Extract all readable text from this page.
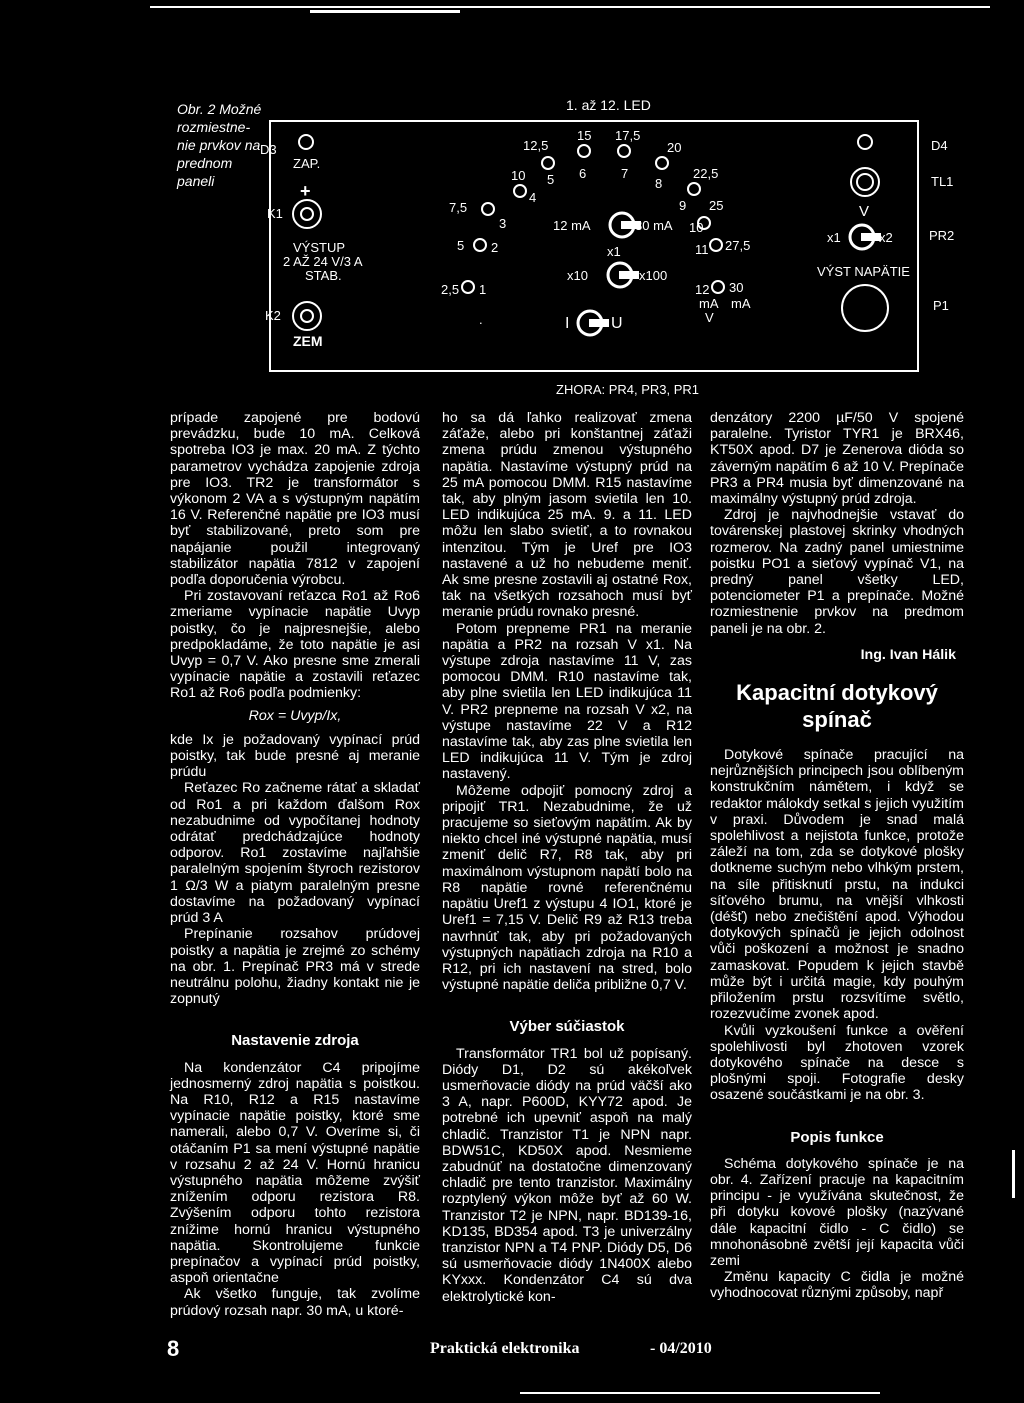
Obr. 2 Možné rozmiestne-nie prvkov na prednom paneli
1. až 12. LED
D3
ZAP.
+
K1
VÝSTUP
2 AŽ 24 V/3 A
STAB.
K2
ZEM
2,5
5
7,5
10
12,5
15 17,5
20
22,5
25
27,5
30
1
2
3
4
5 6	7
8
9
10
11
12
12 mA	30 mA
x1
x10	x100
.	I	U
mA mA
V
D4
TL1
V
x1	x2	PR2
VÝST NAPÄTIE
P1
ZHORA: PR4, PR3, PR1

prípade zapojené pre bodovú prevádzku, bude 10 mA. Celková spotreba IO3 je max. 20 mA. Z týchto parametrov vychádza zapojenie zdroja pre IO3. TR2 je transformátor s výkonom 2 VA a s výstupným napätím 16 V. Referenčné napätie pre IO3 musí byť stabilizované, preto som pre napájanie použil integrovaný stabilizátor napätia 7812 v zapojení podľa doporučenia výrobcu.

Pri zostavovaní reťazca Ro1 až Ro6 zmeriame vypínacie napätie Uvyp poistky, čo je najpresnejšie, alebo predpokladáme, že toto napätie je asi Uvyp = 0,7 V. Ako presne sme zmerali vypínacie napätie a zostavili reťazec Ro1 až Ro6 podľa podmienky:

Rox = Uvyp/Ix,

kde Ix je požadovaný vypínací prúd poistky, tak bude presné aj meranie prúdu

Reťazec Ro začneme rátať a skladať od Ro1 a pri každom ďalšom Rox nezabudnime od vypočítanej hodnoty odrátať predchádzajúce hodnoty odporov. Ro1 zostavíme najľahšie paralelným spojením štyroch rezistorov 1 Ω/3 W a piatym paralelným presne dostavíme na požadovaný vypínací prúd 3 A

Prepínanie rozsahov prúdovej poistky a napätia je zrejmé zo schémy na obr. 1. Prepínač PR3 má v strede neutrálnu polohu, žiadny kontakt nie je zopnutý

Nastavenie zdroja

Na kondenzátor C4 pripojíme jednosmerný zdroj napätia s poistkou. Na R10, R12 a R15 nastavíme vypínacie napätie poistky, ktoré sme namerali, alebo 0,7 V. Overíme si, či otáčaním P1 sa mení výstupné napätie v rozsahu 2 až 24 V. Hornú hranicu výstupného napätia môžeme zvýšiť znížením odporu rezistora R8. Zvýšením odporu tohto rezistora znížime hornú hranicu výstupného napätia. Skontrolujeme funkcie prepínačov a vypínací prúd poistky, aspoň orientačne

Ak všetko funguje, tak zvolíme prúdový rozsah napr. 30 mA, u ktoré-

ho sa dá ľahko realizovať zmena záťaže, alebo pri konštantnej záťaži zmena prúdu zmenou výstupného napätia. Nastavíme výstupný prúd na 25 mA pomocou DMM. R15 nastavíme tak, aby plným jasom svietila len 10. LED indikujúca 25 mA. 9. a 11. LED môžu len slabo svietiť, a to rovnakou intenzitou. Tým je Uref pre IO3 nastavené a už ho nebudeme meniť. Ak sme presne zostavili aj ostatné Rox, tak na všetkých rozsahoch musí byť meranie prúdu rovnako presné.

Potom prepneme PR1 na meranie napätia a PR2 na rozsah V x1. Na výstupe zdroja nastavíme 11 V, zas pomocou DMM. R10 nastavíme tak, aby plne svietila len LED indikujúca 11 V. PR2 prepneme na rozsah V x2, na výstupe nastavíme 22 V a R12 nastavíme tak, aby zas plne svietila len LED indikujúca 11 V. Tým je zdroj nastavený.

Môžeme odpojiť pomocný zdroj a pripojiť TR1. Nezabudnime, že už pracujeme so sieťovým napätím. Ak by niekto chcel iné výstupné napätia, musí zmeniť delič R7, R8 tak, aby pri maximálnom výstupnom napätí bolo na R8 napätie rovné referenčnému napätiu Uref1 z výstupu 4 IO1, ktoré je Uref1 = 7,15 V. Delič R9 až R13 treba navrhnúť tak, aby pri požadovaných výstupných napätiach zdroja na R10 a R12, pri ich nastavení na stred, bolo výstupné napätie deliča približne 0,7 V.

Výber súčiastok

Transformátor TR1 bol už popísaný. Diódy D1, D2 sú akékoľvek usmerňovacie diódy na prúd väčší ako 3 A, napr. P600D, KYY72 apod. Je potrebné ich upevniť aspoň na malý chladič. Tranzistor T1 je NPN napr. BDW51C, KD50X apod. Nesmieme zabudnúť na dostatočne dimenzovaný chladič pre tento tranzistor. Maximálny rozptylený výkon môže byť až 60 W. Tranzistor T2 je NPN, napr. BD139-16, KD135, BD354 apod. T3 je univerzálny tranzistor NPN a T4 PNP. Diódy D5, D6 sú usmerňovacie diódy 1N400X alebo KYxxx. Kondenzátor C4 sú dva elektrolytické kon-

denzátory 2200 µF/50 V spojené paralelne. Tyristor TYR1 je BRX46, KT50X apod. D7 je Zenerova dióda so záverným napätím 6 až 10 V. Prepínače PR3 a PR4 musia byť dimenzované na maximálny výstupný prúd zdroja.

Zdroj je najvhodnejšie vstavať do továrenskej plastovej skrinky vhodných rozmerov. Na zadný panel umiestnime poistku PO1 a sieťový vypínač V1, na predný panel všetky LED, potenciometer P1 a prepínače. Možné rozmiestnenie prvkov na predmom paneli je na obr. 2.

Ing. Ivan Hálik

Kapacitní dotykový spínač

Dotykové spínače pracující na nejrůznějších principech jsou oblíbeným konstrukčním námětem, i když se redaktor málokdy setkal s jejich využitím v praxi. Důvodem je snad malá spolehlivost a nejistota funkce, protože záleží na tom, zda se dotykové plošky dotkneme suchým nebo vlhkým prstem, na síle přitisknutí prstu, na indukci síťového brumu, na vnější vlhkosti (déšť) nebo znečištění apod. Výhodou dotykových spínačů je jejich odolnost vůči poškození a možnost je snadno zamaskovat. Popudem k jejich stavbě může být i určitá magie, kdy pouhým přiložením prstu rozsvítíme světlo, rozezvučíme zvonek apod.

Kvůli vyzkoušení funkce a ověření spolehlivosti byl zhotoven vzorek dotykového spínače na desce s plošnými spoji. Fotografie desky osazené součástkami je na obr. 3.

Popis funkce

Schéma dotykového spínače je na obr. 4. Zařízení pracuje na kapacitním principu - je využívána skutečnost, že při dotyku kovové plošky (nazývané dále kapacitní čidlo - C čidlo) se mnohonásobně zvětší její kapacita vůči zemi

Změnu kapacity C čidla je možné vyhodnocovat různými způsoby, např

8	Praktická elektronika	- 04/2010
